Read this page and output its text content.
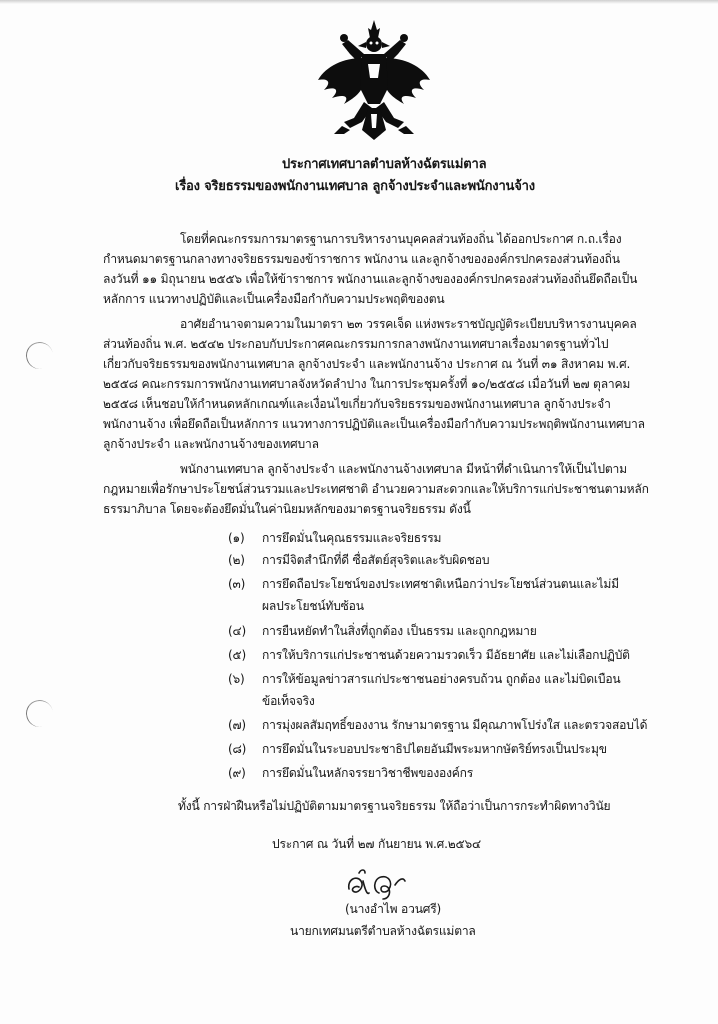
ประกาศเทศบาลตำบลห้างฉัตรแม่ตาล
เรื่อง จริยธรรมของพนักงานเทศบาล ลูกจ้างประจำและพนักงานจ้าง
โดยที่คณะกรรมการมาตรฐานการบริหารงานบุคคลส่วนท้องถิ่น ได้ออกประกาศ ก.ถ.เรื่อง
กำหนดมาตรฐานกลางทางจริยธรรมของข้าราชการ พนักงาน และลูกจ้างขององค์กรปกครองส่วนท้องถิ่น
ลงวันที่ ๑๑ มิถุนายน ๒๕๕๖ เพื่อให้ข้าราชการ พนักงานและลูกจ้างขององค์กรปกครองส่วนท้องถิ่นยึดถือเป็น
หลักการ แนวทางปฏิบัติและเป็นเครื่องมือกำกับความประพฤติของตน
อาศัยอำนาจตามความในมาตรา ๒๓ วรรคเจ็ด แห่งพระราชบัญญัติระเบียบบริหารงานบุคคล
ส่วนท้องถิ่น พ.ศ. ๒๕๔๒ ประกอบกับประกาศคณะกรรมการกลางพนักงานเทศบาลเรื่องมาตรฐานทั่วไป
เกี่ยวกับจริยธรรมของพนักงานเทศบาล ลูกจ้างประจำ และพนักงานจ้าง ประกาศ ณ วันที่ ๓๑ สิงหาคม พ.ศ.
๒๕๕๘ คณะกรรมการพนักงานเทศบาลจังหวัดลำปาง ในการประชุมครั้งที่ ๑๐/๒๕๕๘ เมื่อวันที่ ๒๗ ตุลาคม
๒๕๕๘ เห็นชอบให้กำหนดหลักเกณฑ์และเงื่อนไขเกี่ยวกับจริยธรรมของพนักงานเทศบาล ลูกจ้างประจำ
พนักงานจ้าง เพื่อยึดถือเป็นหลักการ แนวทางการปฏิบัติและเป็นเครื่องมือกำกับความประพฤติพนักงานเทศบาล
ลูกจ้างประจำ และพนักงานจ้างของเทศบาล
พนักงานเทศบาล ลูกจ้างประจำ และพนักงานจ้างเทศบาล มีหน้าที่ดำเนินการให้เป็นไปตาม
กฎหมายเพื่อรักษาประโยชน์ส่วนรวมและประเทศชาติ อำนวยความสะดวกและให้บริการแก่ประชาชนตามหลัก
ธรรมาภิบาล โดยจะต้องยึดมั่นในค่านิยมหลักของมาตรฐานจริยธรรม ดังนี้
(๑) การยึดมั่นในคุณธรรมและจริยธรรม
(๒) การมีจิตสำนึกที่ดี ซื่อสัตย์สุจริตและรับผิดชอบ
(๓) การยึดถือประโยชน์ของประเทศชาติเหนือกว่าประโยชน์ส่วนตนและไม่มี
ผลประโยชน์ทับซ้อน
(๔) การยืนหยัดทำในสิ่งที่ถูกต้อง เป็นธรรม และถูกกฎหมาย
(๕) การให้บริการแก่ประชาชนด้วยความรวดเร็ว มีอัธยาศัย และไม่เลือกปฏิบัติ
(๖) การให้ข้อมูลข่าวสารแก่ประชาชนอย่างครบถ้วน ถูกต้อง และไม่บิดเบือน
ข้อเท็จจริง
(๗) การมุ่งผลสัมฤทธิ์ของงาน รักษามาตรฐาน มีคุณภาพโปร่งใส และตรวจสอบได้
(๘) การยึดมั่นในระบอบประชาธิปไตยอันมีพระมหากษัตริย์ทรงเป็นประมุข
(๙) การยึดมั่นในหลักจรรยาวิชาชีพขององค์กร
ทั้งนี้ การฝ่าฝืนหรือไม่ปฏิบัติตามมาตรฐานจริยธรรม ให้ถือว่าเป็นการกระทำผิดทางวินัย
ประกาศ ณ วันที่ ๒๗ กันยายน พ.ศ.๒๕๖๔
(นางอำไพ อวนศรี)
นายกเทศมนตรีตำบลห้างฉัตรแม่ตาล
